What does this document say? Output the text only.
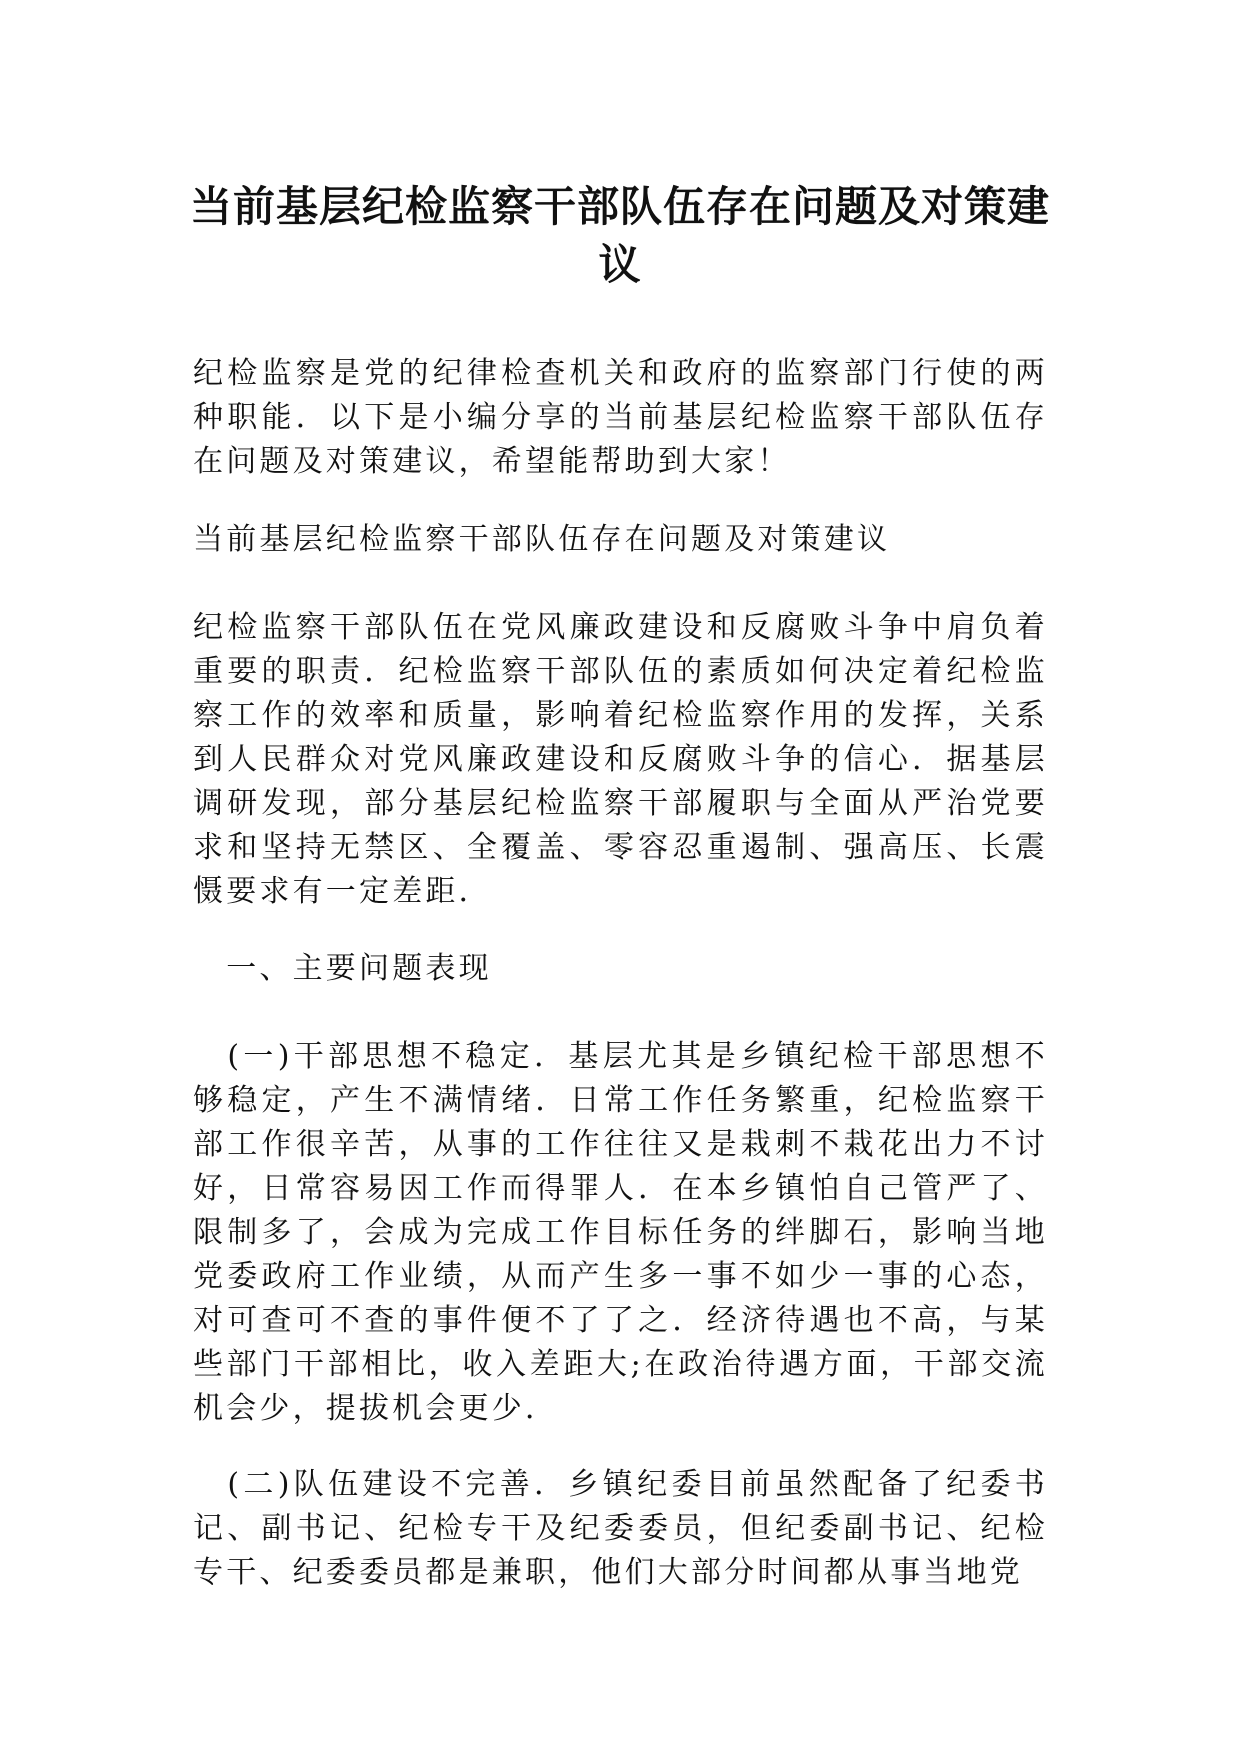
当前基层纪检监察干部队伍存在问题及对策建议

纪检监察是党的纪律检查机关和政府的监察部门行使的两种职能．以下是小编分享的当前基层纪检监察干部队伍存在问题及对策建议，希望能帮助到大家！

当前基层纪检监察干部队伍存在问题及对策建议

纪检监察干部队伍在党风廉政建设和反腐败斗争中肩负着重要的职责．纪检监察干部队伍的素质如何决定着纪检监察工作的效率和质量，影响着纪检监察作用的发挥，关系到人民群众对党风廉政建设和反腐败斗争的信心．据基层调研发现，部分基层纪检监察干部履职与全面从严治党要求和坚持无禁区、全覆盖、零容忍重遏制、强高压、长震慑要求有一定差距．

　一、主要问题表现

　(一)干部思想不稳定．基层尤其是乡镇纪检干部思想不够稳定，产生不满情绪．日常工作任务繁重，纪检监察干部工作很辛苦，从事的工作往往又是栽刺不栽花出力不讨好，日常容易因工作而得罪人．在本乡镇怕自己管严了、限制多了，会成为完成工作目标任务的绊脚石，影响当地党委政府工作业绩，从而产生多一事不如少一事的心态，对可查可不查的事件便不了了之．经济待遇也不高，与某些部门干部相比，收入差距大;在政治待遇方面，干部交流机会少，提拔机会更少．

　(二)队伍建设不完善．乡镇纪委目前虽然配备了纪委书记、副书记、纪检专干及纪委委员，但纪委副书记、纪检专干、纪委委员都是兼职，他们大部分时间都从事当地党
